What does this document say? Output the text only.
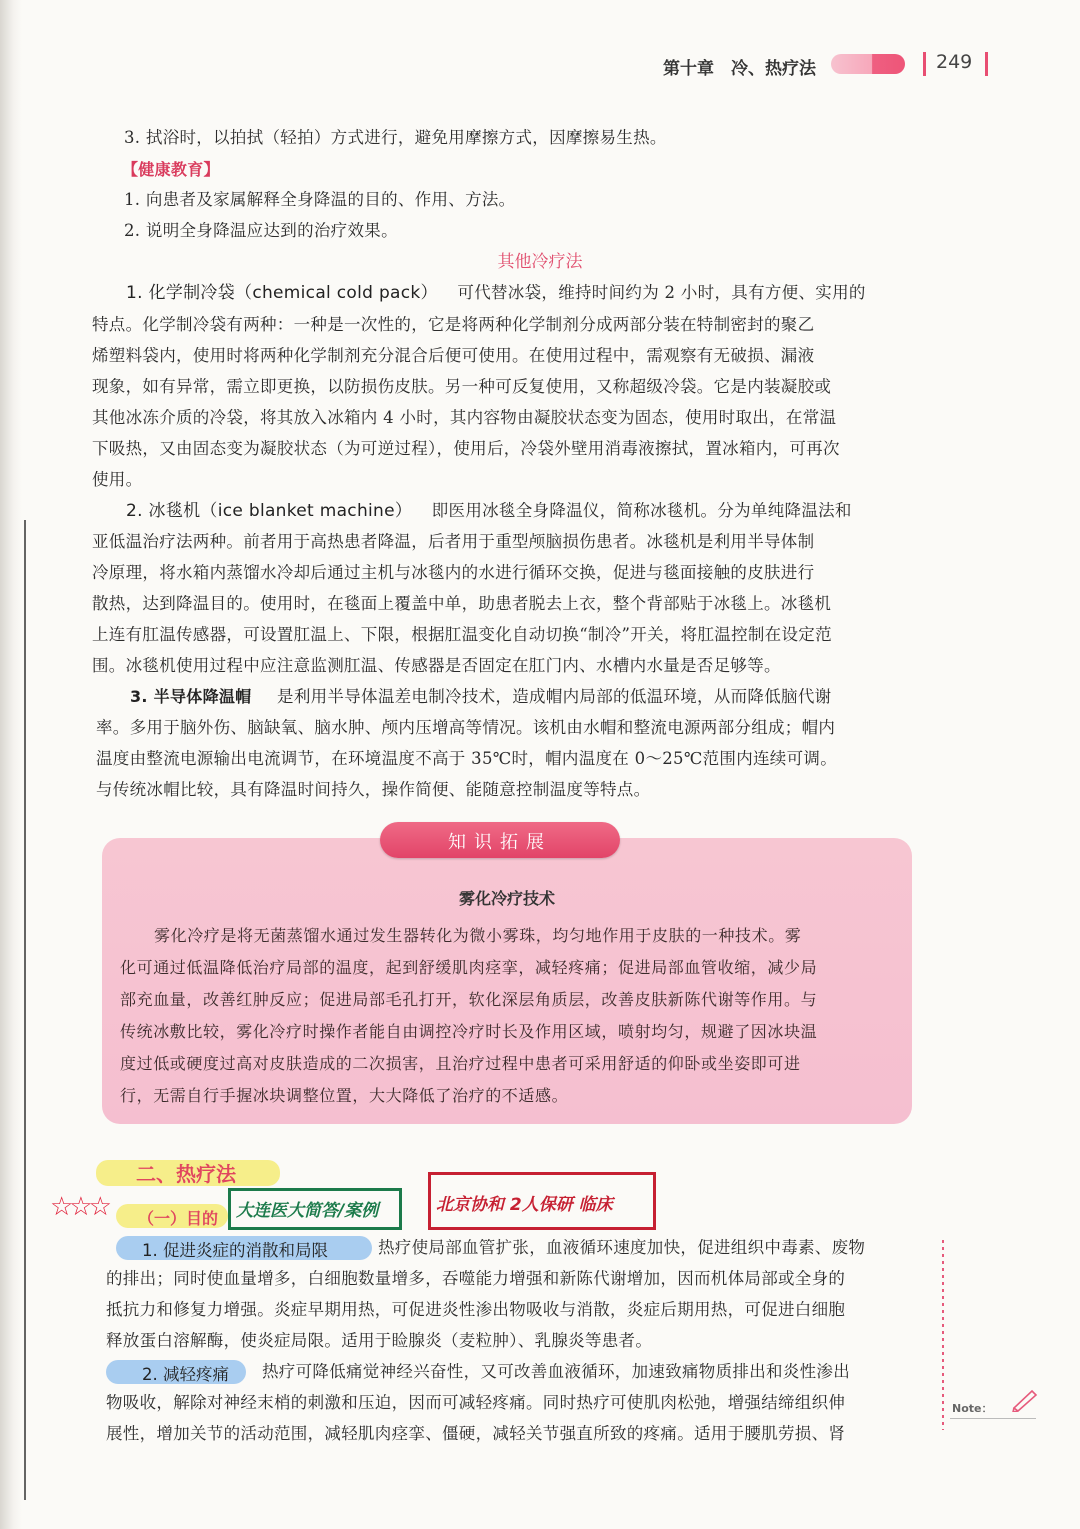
第十章　冷、热疗法	249
3. 拭浴时，以拍拭（轻拍）方式进行，避免用摩擦方式，因摩擦易生热。
【健康教育】
1. 向患者及家属解释全身降温的目的、作用、方法。
2. 说明全身降温应达到的治疗效果。
其他冷疗法
1. 化学制冷袋（chemical cold pack） 可代替冰袋，维持时间约为 2 小时，具有方便、实用的
特点。化学制冷袋有两种：一种是一次性的，它是将两种化学制剂分成两部分装在特制密封的聚乙
烯塑料袋内，使用时将两种化学制剂充分混合后便可使用。在使用过程中，需观察有无破损、漏液
现象，如有异常，需立即更换，以防损伤皮肤。另一种可反复使用，又称超级冷袋。它是内装凝胶或
其他冰冻介质的冷袋，将其放入冰箱内 4 小时，其内容物由凝胶状态变为固态，使用时取出，在常温
下吸热，又由固态变为凝胶状态（为可逆过程），使用后，冷袋外壁用消毒液擦拭，置冰箱内，可再次
使用。
2. 冰毯机（ice blanket machine） 即医用冰毯全身降温仪，简称冰毯机。分为单纯降温法和
亚低温治疗法两种。前者用于高热患者降温，后者用于重型颅脑损伤患者。冰毯机是利用半导体制
冷原理，将水箱内蒸馏水冷却后通过主机与冰毯内的水进行循环交换，促进与毯面接触的皮肤进行
散热，达到降温目的。使用时，在毯面上覆盖中单，助患者脱去上衣，整个背部贴于冰毯上。冰毯机
上连有肛温传感器，可设置肛温上、下限，根据肛温变化自动切换“制冷”开关，将肛温控制在设定范
围。冰毯机使用过程中应注意监测肛温、传感器是否固定在肛门内、水槽内水量是否足够等。
3. 半导体降温帽 是利用半导体温差电制冷技术，造成帽内局部的低温环境，从而降低脑代谢
率。多用于脑外伤、脑缺氧、脑水肿、颅内压增高等情况。该机由水帽和整流电源两部分组成；帽内
温度由整流电源输出电流调节，在环境温度不高于 35℃时，帽内温度在 0～25℃范围内连续可调。
与传统冰帽比较，具有降温时间持久，操作简便、能随意控制温度等特点。
知识拓展
雾化冷疗技术
雾化冷疗是将无菌蒸馏水通过发生器转化为微小雾珠，均匀地作用于皮肤的一种技术。雾
化可通过低温降低治疗局部的温度，起到舒缓肌肉痉挛，减轻疼痛；促进局部血管收缩，减少局
部充血量，改善红肿反应；促进局部毛孔打开，软化深层角质层，改善皮肤新陈代谢等作用。与
传统冰敷比较，雾化冷疗时操作者能自由调控冷疗时长及作用区域，喷射均匀，规避了因冰块温
度过低或硬度过高对皮肤造成的二次损害，且治疗过程中患者可采用舒适的仰卧或坐姿即可进
行，无需自行手握冰块调整位置，大大降低了治疗的不适感。
二、热疗法
☆☆☆ （一）目的 大连医大简答/案例	北京协和 2人保研 临床
1. 促进炎症的消散和局限	热疗使局部血管扩张，血液循环速度加快，促进组织中毒素、废物
的排出；同时使血量增多，白细胞数量增多，吞噬能力增强和新陈代谢增加，因而机体局部或全身的
抵抗力和修复力增强。炎症早期用热，可促进炎性渗出物吸收与消散，炎症后期用热，可促进白细胞
释放蛋白溶解酶，使炎症局限。适用于睑腺炎（麦粒肿）、乳腺炎等患者。
2. 减轻疼痛 热疗可降低痛觉神经兴奋性，又可改善血液循环，加速致痛物质排出和炎性渗出
物吸收，解除对神经末梢的刺激和压迫，因而可减轻疼痛。同时热疗可使肌肉松弛，增强结缔组织伸
展性，增加关节的活动范围，减轻肌肉痉挛、僵硬，减轻关节强直所致的疼痛。适用于腰肌劳损、肾
Note：
